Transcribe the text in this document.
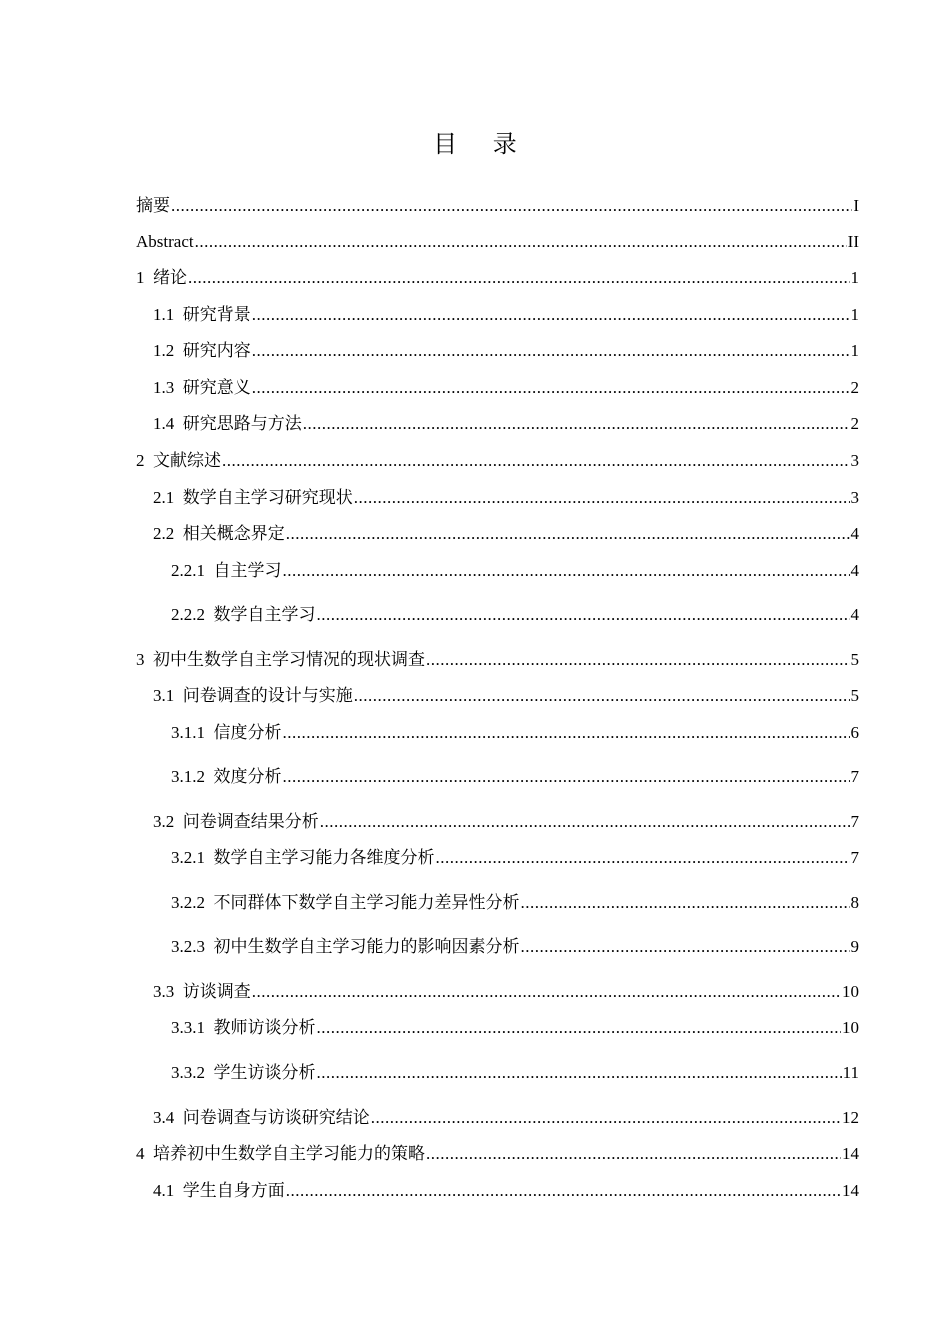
目 录
摘要 .....	I
Abstract .....	II
1  绪论 .....	1
1.1  研究背景 .....	1
1.2  研究内容 .....	1
1.3  研究意义 .....	2
1.4  研究思路与方法 .....	2
2  文献综述 .....	3
2.1  数学自主学习研究现状 .....	3
2.2  相关概念界定 .....	4
2.2.1  自主学习 .....	4
2.2.2  数学自主学习 .....	4
3  初中生数学自主学习情况的现状调查 .....	5
3.1  问卷调查的设计与实施 .....	5
3.1.1  信度分析 .....	6
3.1.2  效度分析 .....	7
3.2  问卷调查结果分析 .....	7
3.2.1  数学自主学习能力各维度分析 .....	7
3.2.2  不同群体下数学自主学习能力差异性分析 .....	8
3.2.3  初中生数学自主学习能力的影响因素分析 .....	9
3.3  访谈调查 .....	10
3.3.1  教师访谈分析 .....	10
3.3.2  学生访谈分析 .....	11
3.4  问卷调查与访谈研究结论 .....	12
4  培养初中生数学自主学习能力的策略 .....	14
4.1  学生自身方面 .....	14
